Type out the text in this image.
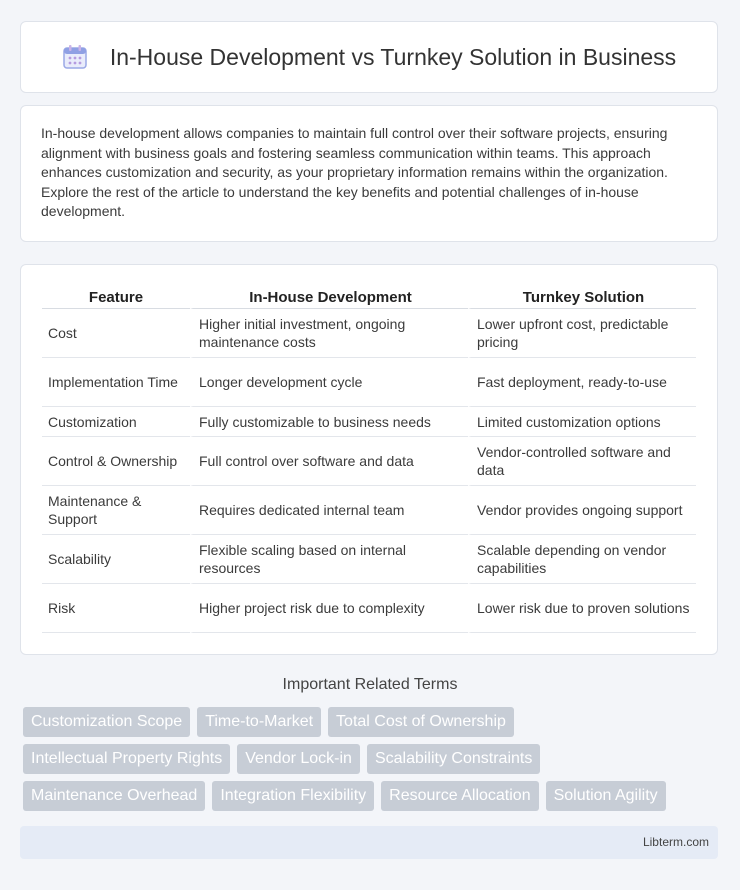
In-House Development vs Turnkey Solution in Business

In-house development allows companies to maintain full control over their software projects, ensuring alignment with business goals and fostering seamless communication within teams. This approach enhances customization and security, as your proprietary information remains within the organization. Explore the rest of the article to understand the key benefits and potential challenges of in-house development.

Feature	In-House Development	Turnkey Solution
Cost	Higher initial investment, ongoing maintenance costs	Lower upfront cost, predictable pricing
Implementation Time	Longer development cycle	Fast deployment, ready-to-use
Customization	Fully customizable to business needs	Limited customization options
Control & Ownership	Full control over software and data	Vendor-controlled software and data
Maintenance & Support	Requires dedicated internal team	Vendor provides ongoing support
Scalability	Flexible scaling based on internal resources	Scalable depending on vendor capabilities
Risk	Higher project risk due to complexity	Lower risk due to proven solutions
Important Related Terms
Customization Scope	Time-to-Market	Total Cost of Ownership
Intellectual Property Rights	Vendor Lock-in	Scalability Constraints
Maintenance Overhead	Integration Flexibility	Resource Allocation	Solution Agility
Libterm.com
